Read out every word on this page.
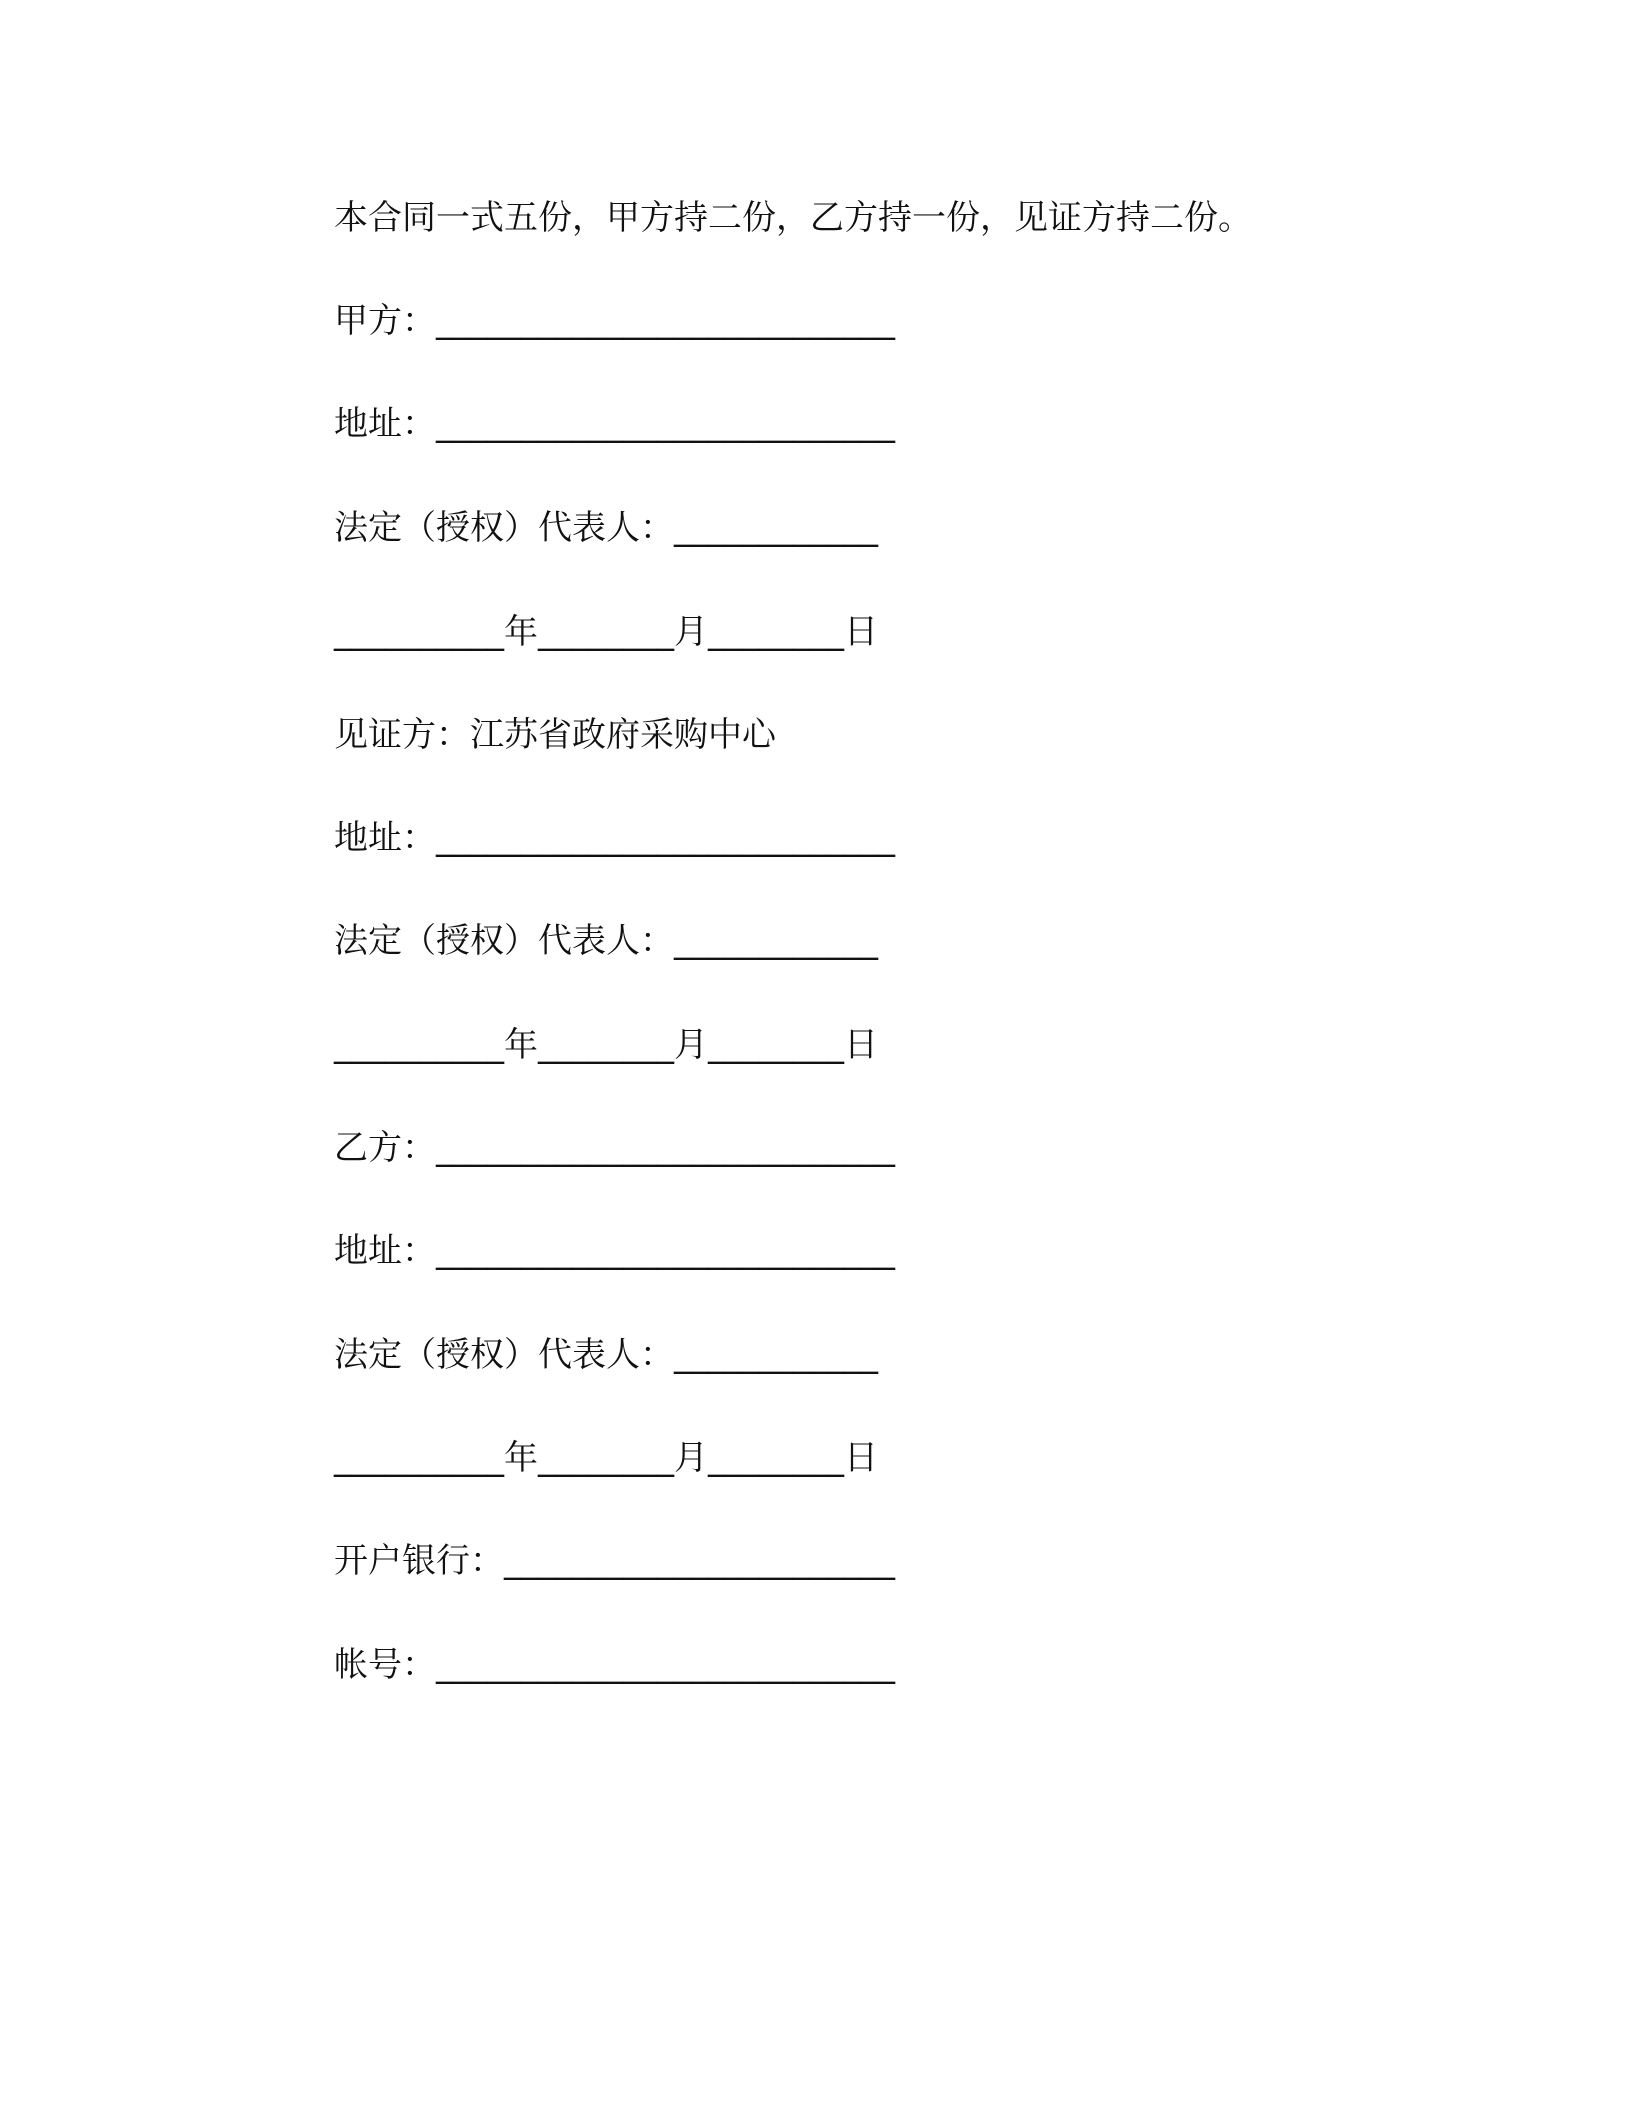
本合同一式五份，甲方持二份，乙方持一份，见证方持二份。
甲方：___________________________
地址：___________________________
法定（授权）代表人：____________
__________年________月________日
见证方：江苏省政府采购中心
地址：___________________________
法定（授权）代表人：____________
__________年________月________日
乙方：___________________________
地址：___________________________
法定（授权）代表人：____________
__________年________月________日
开户银行：_______________________
帐号：___________________________
